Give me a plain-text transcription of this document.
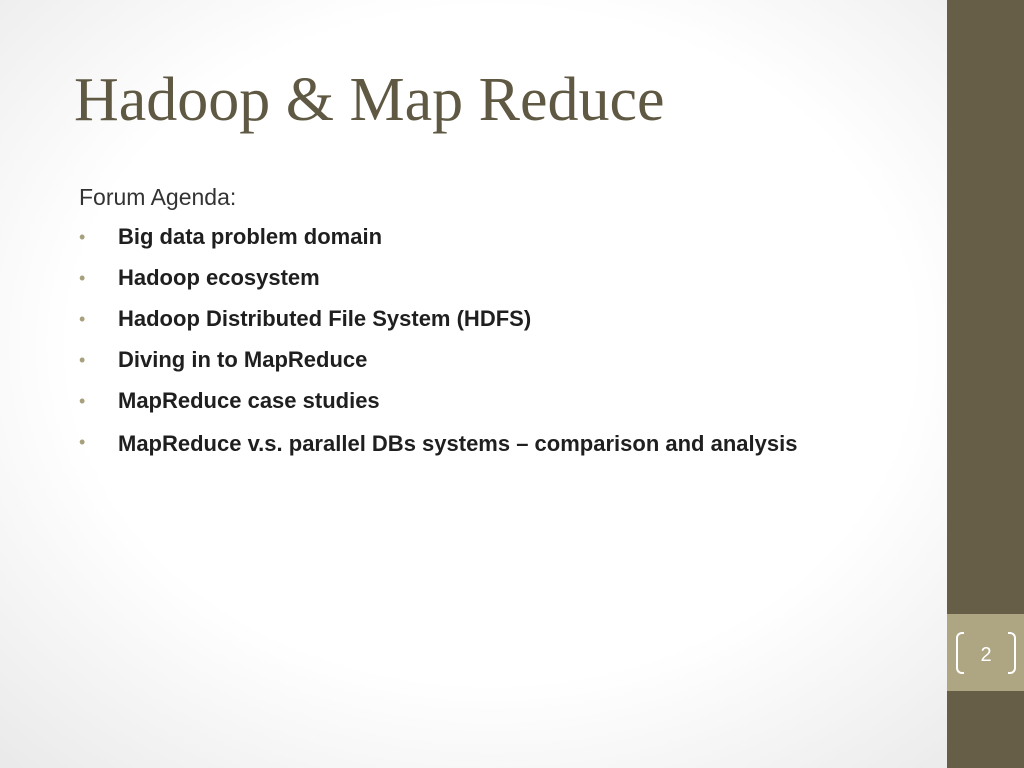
2
Hadoop & Map Reduce
Forum Agenda:
• Big data problem domain
• Hadoop ecosystem
• Hadoop Distributed File System (HDFS)
• Diving in to MapReduce
• MapReduce case studies
• MapReduce v.s. parallel DBs systems – comparison and analysis
